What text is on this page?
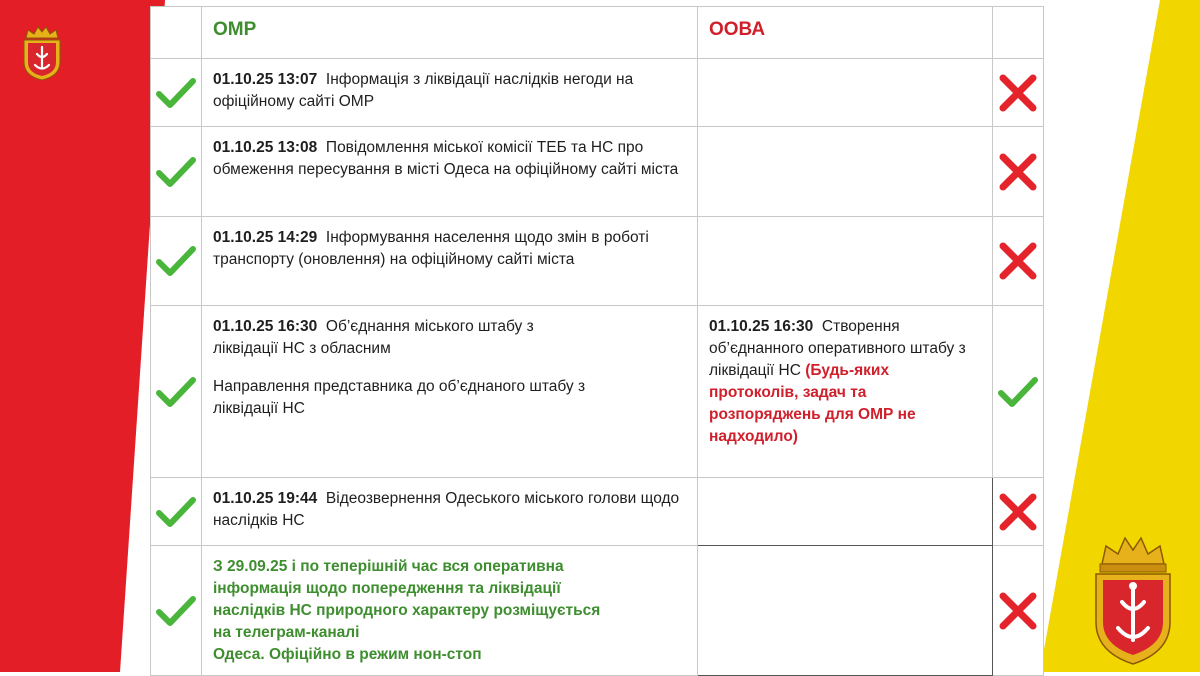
	ОМР	ООВА	

01.10.25 13:07 Інформація з ліквідації наслідків негоди на офіційному сайті ОМР

01.10.25 13:08 Повідомлення міської комісії ТЕБ та НС про обмеження пересування в місті Одеса на офіційному сайті міста

01.10.25 14:29 Інформування населення щодо змін в роботі транспорту (оновлення) на офіційному сайті міста

01.10.25 16:30 Об’єднання міського штабу з ліквідації НС з обласним
Направлення представника до об’єднаного штабу з ліквідації НС	01.10.25 16:30 Створення об’єднанного оперативного штабу з ліквідації НС (Будь-яких протоколів, задач та розпоряджень для ОМР не надходило)

01.10.25 19:44 Відеозвернення Одеського міського голови щодо наслідків НС

З 29.09.25 і по теперішній час вся оперативна
інформація щодо попередження та ліквідації
наслідків НС природного характеру розміщується
на телеграм-каналі
Одеса. Офіційно в режим нон-стоп
